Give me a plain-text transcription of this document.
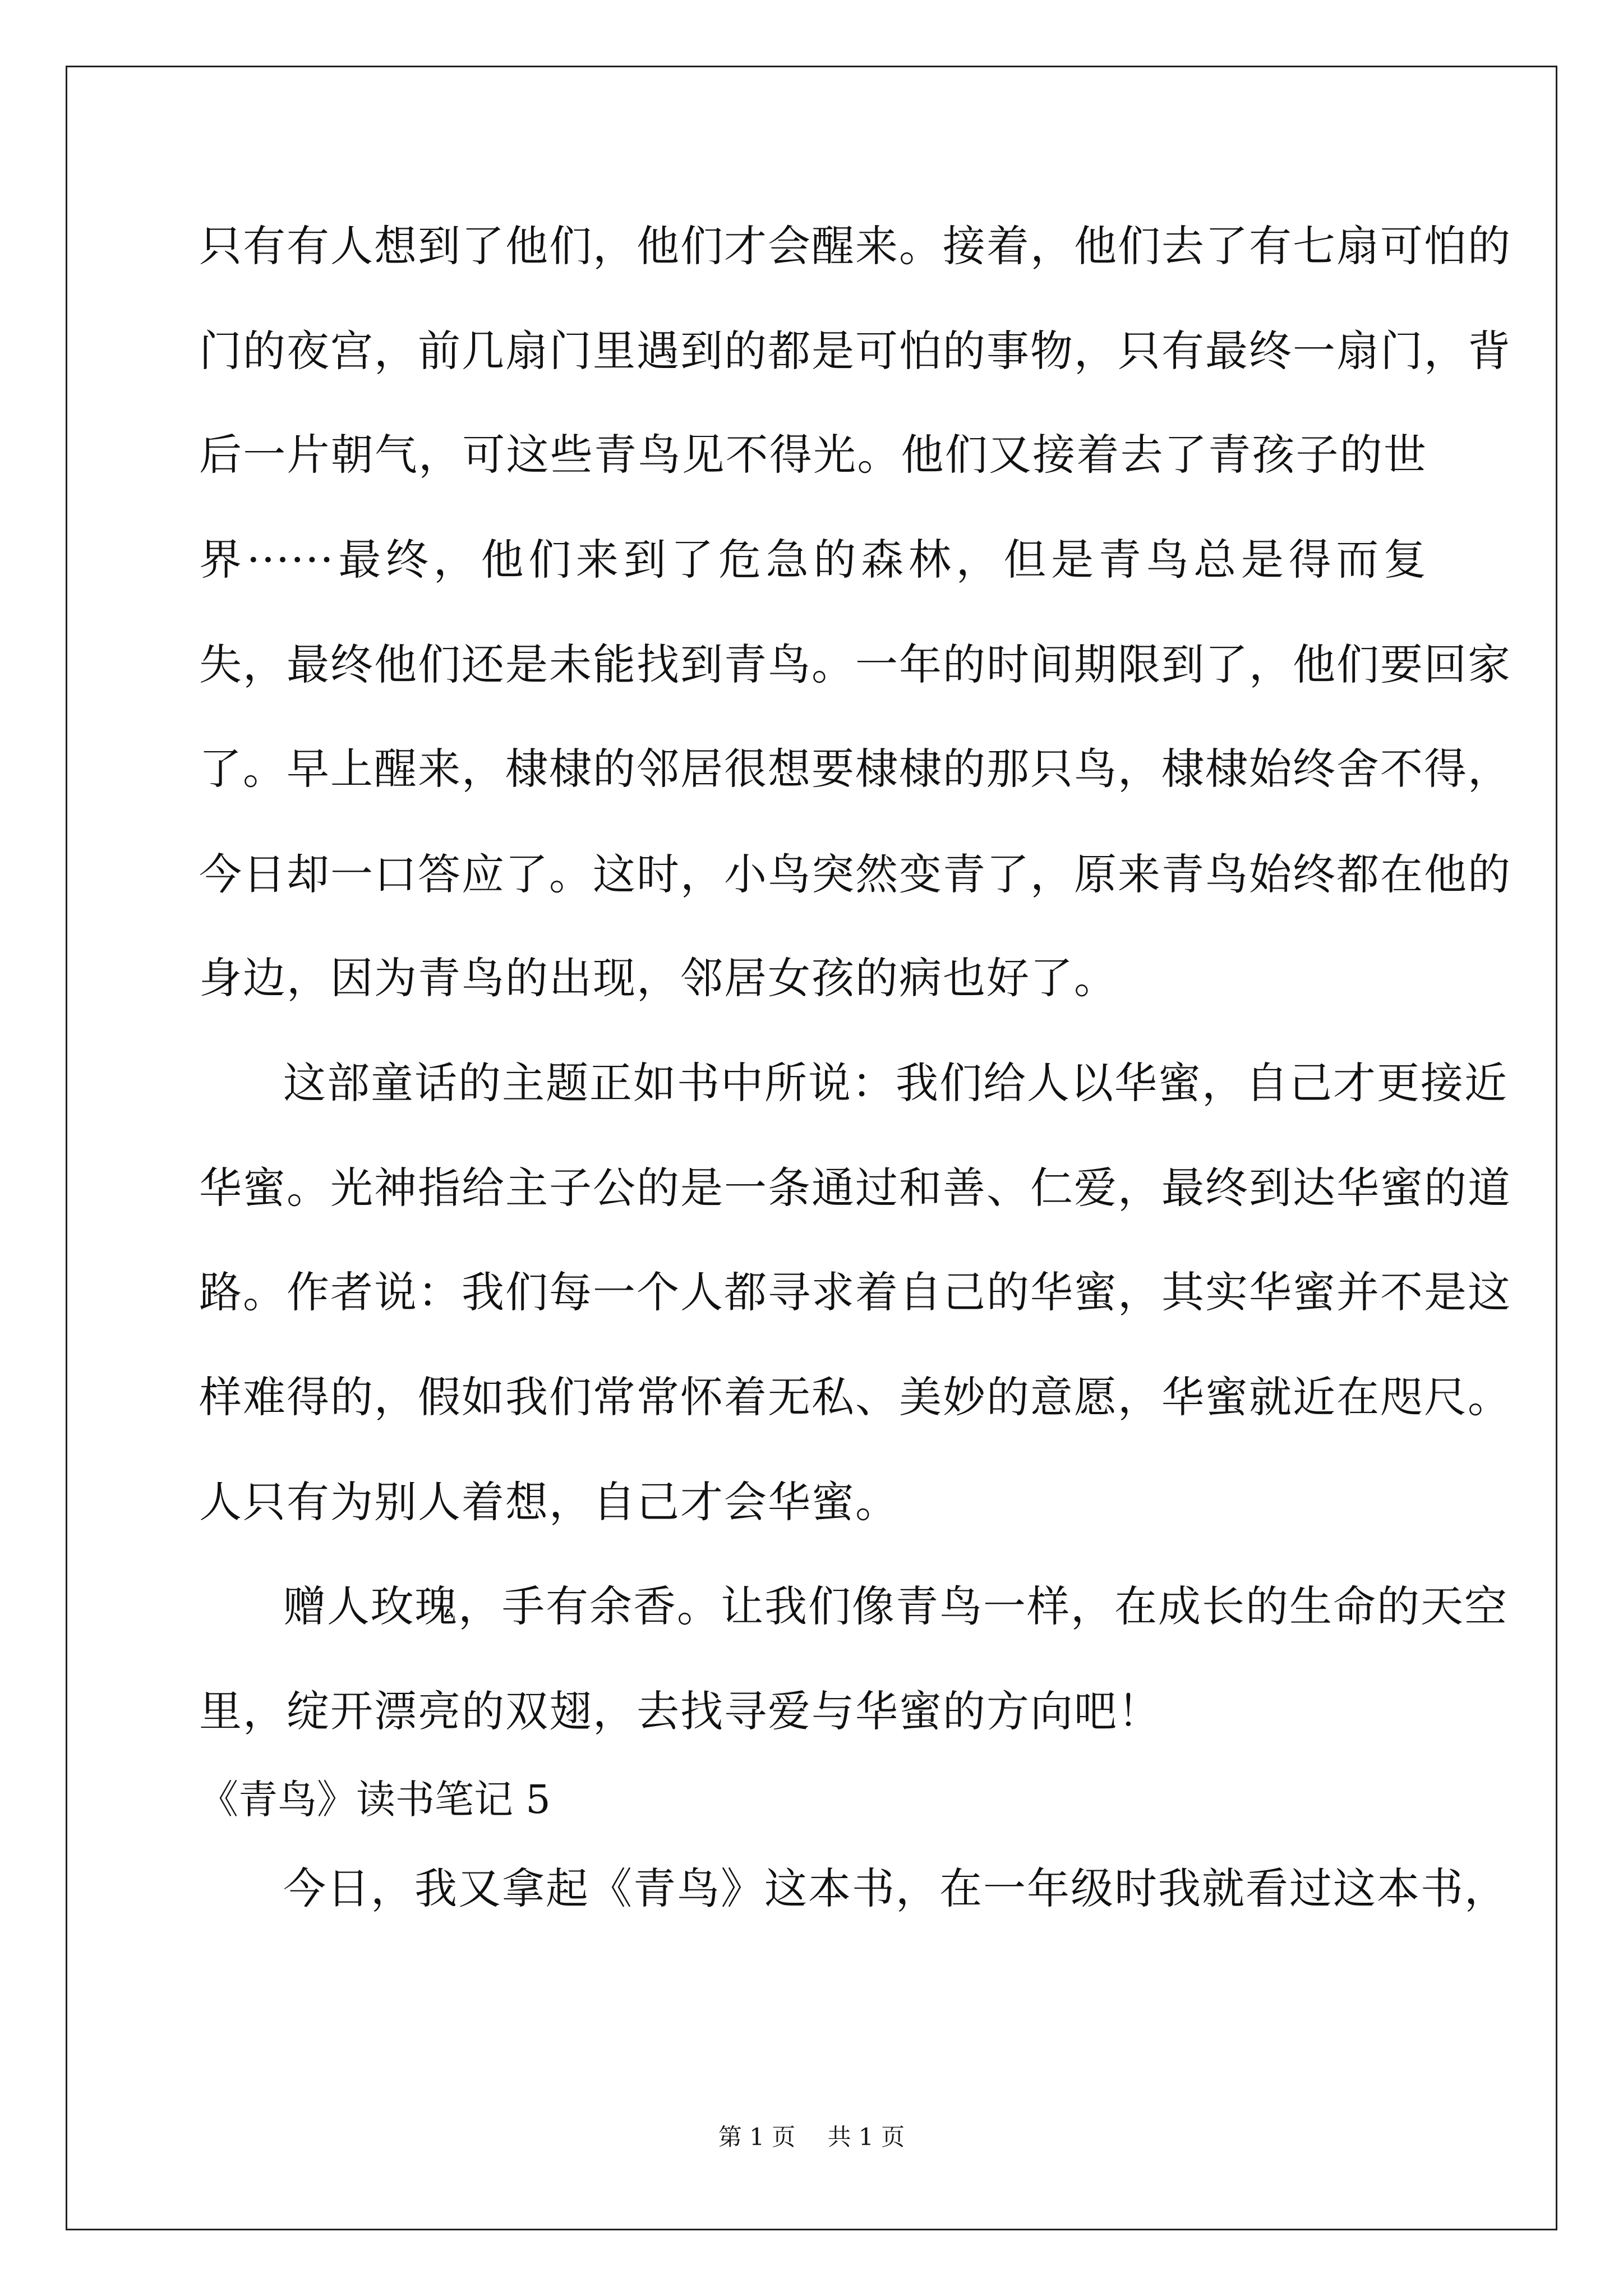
只有有人想到了他们，他们才会醒来。接着，他们去了有七扇可怕的
门的夜宫，前几扇门里遇到的都是可怕的事物，只有最终一扇门，背
后一片朝气，可这些青鸟见不得光。他们又接着去了青孩子的世
界······最终，他们来到了危急的森林，但是青鸟总是得而复
失，最终他们还是未能找到青鸟。一年的时间期限到了，他们要回家
了。早上醒来，棣棣的邻居很想要棣棣的那只鸟，棣棣始终舍不得，
今日却一口答应了。这时，小鸟突然变青了，原来青鸟始终都在他的
身边，因为青鸟的出现，邻居女孩的病也好了。
这部童话的主题正如书中所说：我们给人以华蜜，自己才更接近
华蜜。光神指给主子公的是一条通过和善、仁爱，最终到达华蜜的道
路。作者说：我们每一个人都寻求着自己的华蜜，其实华蜜并不是这
样难得的，假如我们常常怀着无私、美妙的意愿，华蜜就近在咫尺。
人只有为别人着想，自己才会华蜜。
赠人玫瑰，手有余香。让我们像青鸟一样，在成长的生命的天空
里，绽开漂亮的双翅，去找寻爱与华蜜的方向吧！
《青鸟》读书笔记 5
今日，我又拿起《青鸟》这本书，在一年级时我就看过这本书，
第 1 页 共 1 页
